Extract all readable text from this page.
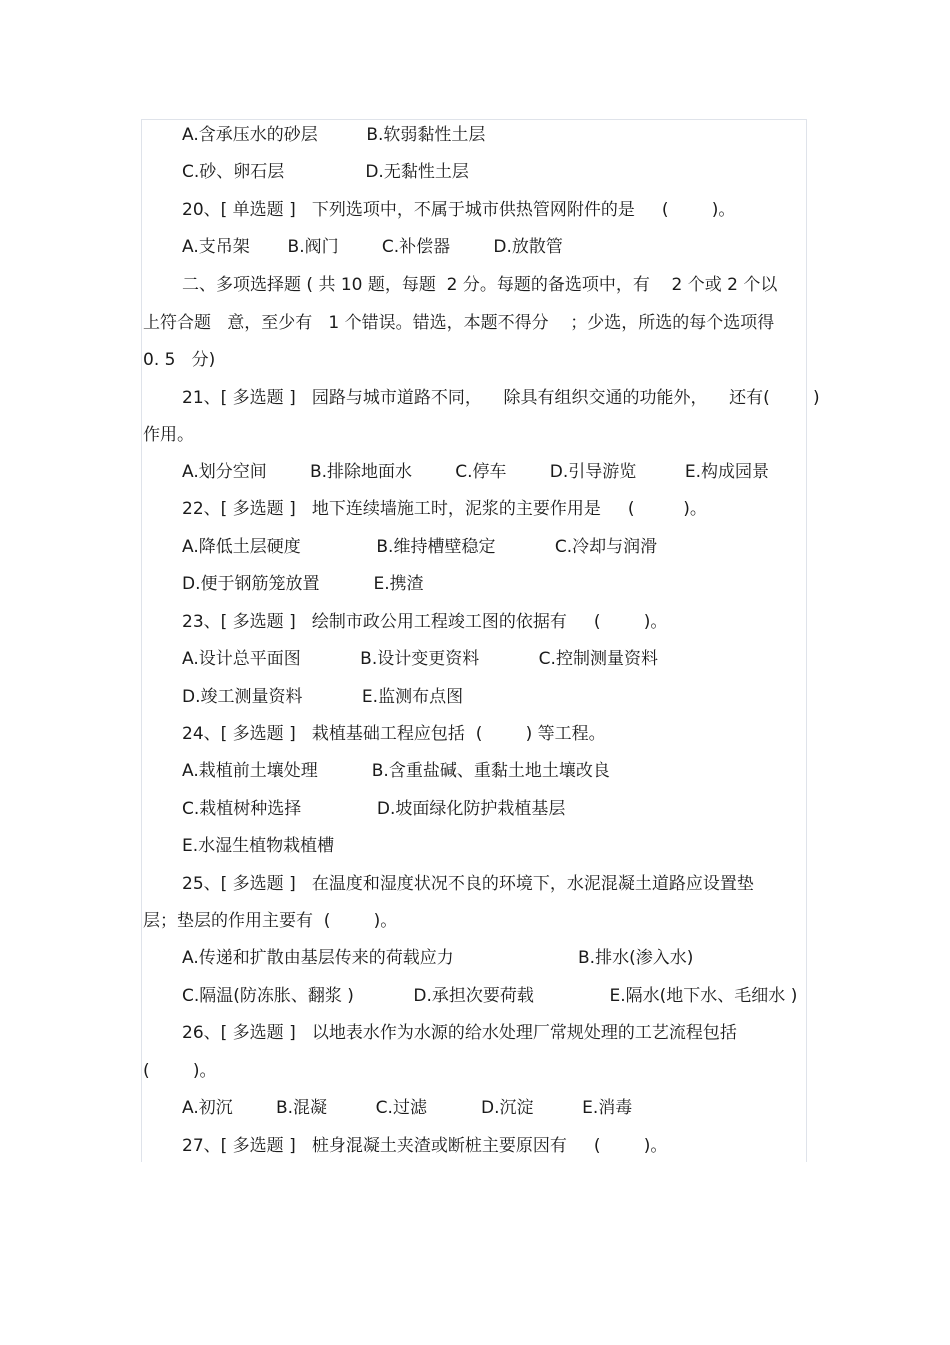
A.含承压水的砂层         B.软弱黏性土层
C.砂、卵石层               D.无黏性土层
20、[ 单选题 ]   下列选项中，不属于城市供热管网附件的是     (        )。
A.支吊架       B.阀门        C.补偿器        D.放散管
二、多项选择题 ( 共 10 题，每题  2 分。每题的备选项中，有    2 个或 2 个以
上符合题   意，至少有   1 个错误。错选，本题不得分    ；少选，所选的每个选项得
0. 5   分)
21、[ 多选题 ]   园路与城市道路不同，    除具有组织交通的功能外，    还有(        )
作用。
A.划分空间        B.排除地面水        C.停车        D.引导游览         E.构成园景
22、[ 多选题 ]   地下连续墙施工时，泥浆的主要作用是     (         )。
A.降低土层硬度              B.维持槽壁稳定           C.冷却与润滑
D.便于钢筋笼放置          E.携渣
23、[ 多选题 ]   绘制市政公用工程竣工图的依据有     (        )。
A.设计总平面图           B.设计变更资料           C.控制测量资料
D.竣工测量资料           E.监测布点图
24、[ 多选题 ]   栽植基础工程应包括  (        ) 等工程。
A.栽植前土壤处理          B.含重盐碱、重黏土地土壤改良
C.栽植树种选择              D.坡面绿化防护栽植基层
E.水湿生植物栽植槽
25、[ 多选题 ]   在温度和湿度状况不良的环境下，水泥混凝土道路应设置垫
层；垫层的作用主要有  (        )。
A.传递和扩散由基层传来的荷载应力                       B.排水(渗入水)
C.隔温(防冻胀、翻浆 )           D.承担次要荷载              E.隔水(地下水、毛细水 )
26、[ 多选题 ]   以地表水作为水源的给水处理厂常规处理的工艺流程包括
(        )。
A.初沉        B.混凝         C.过滤          D.沉淀         E.消毒
27、[ 多选题 ]   桩身混凝土夹渣或断桩主要原因有     (        )。
